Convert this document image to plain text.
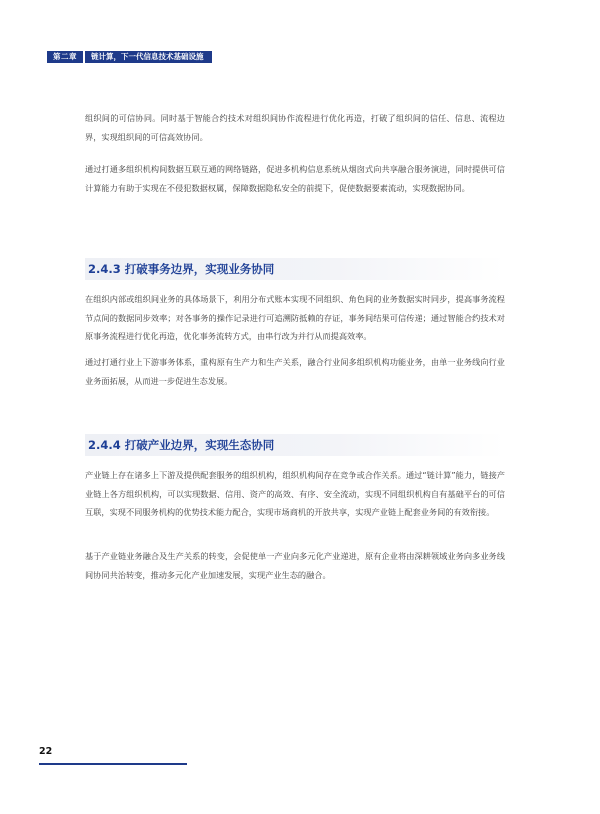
第二章	链计算，下一代信息技术基础设施

组织间的可信协同。同时基于智能合约技术对组织间协作流程进行优化再造，打破了组织间的信任、信息、流程边界，实现组织间的可信高效协同。

通过打通多组织机构间数据互联互通的网络链路，促进多机构信息系统从烟囱式向共享融合服务演进，同时提供可信计算能力有助于实现在不侵犯数据权属，保障数据隐私安全的前提下，促使数据要素流动，实现数据协同。

2.4.3 打破事务边界，实现业务协同

在组织内部或组织间业务的具体场景下，利用分布式账本实现不同组织、角色间的业务数据实时同步，提高事务流程节点间的数据同步效率；对各事务的操作记录进行可追溯防抵赖的存证，事务间结果可信传递；通过智能合约技术对原事务流程进行优化再造，优化事务流转方式，由串行改为并行从而提高效率。

通过打通行业上下游事务体系，重构原有生产力和生产关系，融合行业间多组织机构功能业务，由单一业务线向行业业务面拓展，从而进一步促进生态发展。

2.4.4 打破产业边界，实现生态协同

产业链上存在诸多上下游及提供配套服务的组织机构，组织机构间存在竞争或合作关系。通过“链计算”能力，链接产业链上各方组织机构，可以实现数据、信用、资产的高效、有序、安全流动，实现不同组织机构自有基础平台的可信互联，实现不同服务机构的优势技术能力配合，实现市场商机的开放共享，实现产业链上配套业务间的有效衔接。

基于产业链业务融合及生产关系的转变，会促使单一产业向多元化产业递进，原有企业将由深耕领域业务向多业务线间协同共治转变，推动多元化产业加速发展，实现产业生态的融合。

22
